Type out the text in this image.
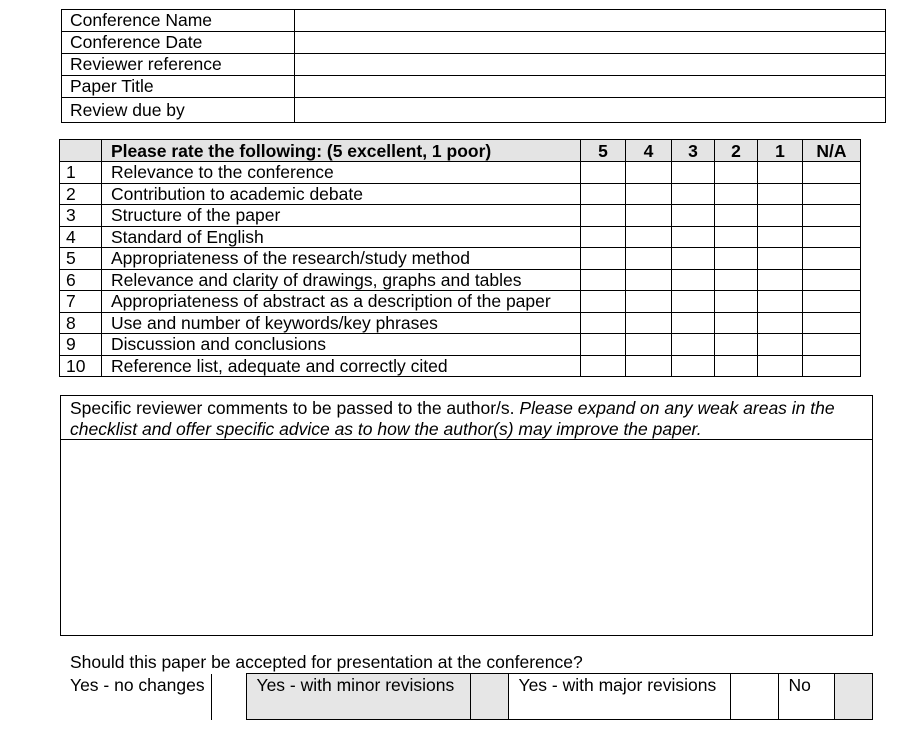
Conference Name	
Conference Date	
Reviewer reference	
Paper Title	
Review due by	
	Please rate the following: (5 excellent, 1 poor)	5	4	3	2	1	N/A
1	Relevance to the conference						
2	Contribution to academic debate						
3	Structure of the paper						
4	Standard of English						
5	Appropriateness of the research/study method						
6	Relevance and clarity of drawings, graphs and tables						
7	Appropriateness of abstract as a description of the paper						
8	Use and number of keywords/key phrases						
9	Discussion and conclusions						
10	Reference list, adequate and correctly cited						
Specific reviewer comments to be passed to the author/s. Please expand on any weak areas in the checklist and offer specific advice as to how the author(s) may improve the paper.
Should this paper be accepted for presentation at the conference?
Yes - no changes		Yes - with minor revisions		Yes - with major revisions		No	
